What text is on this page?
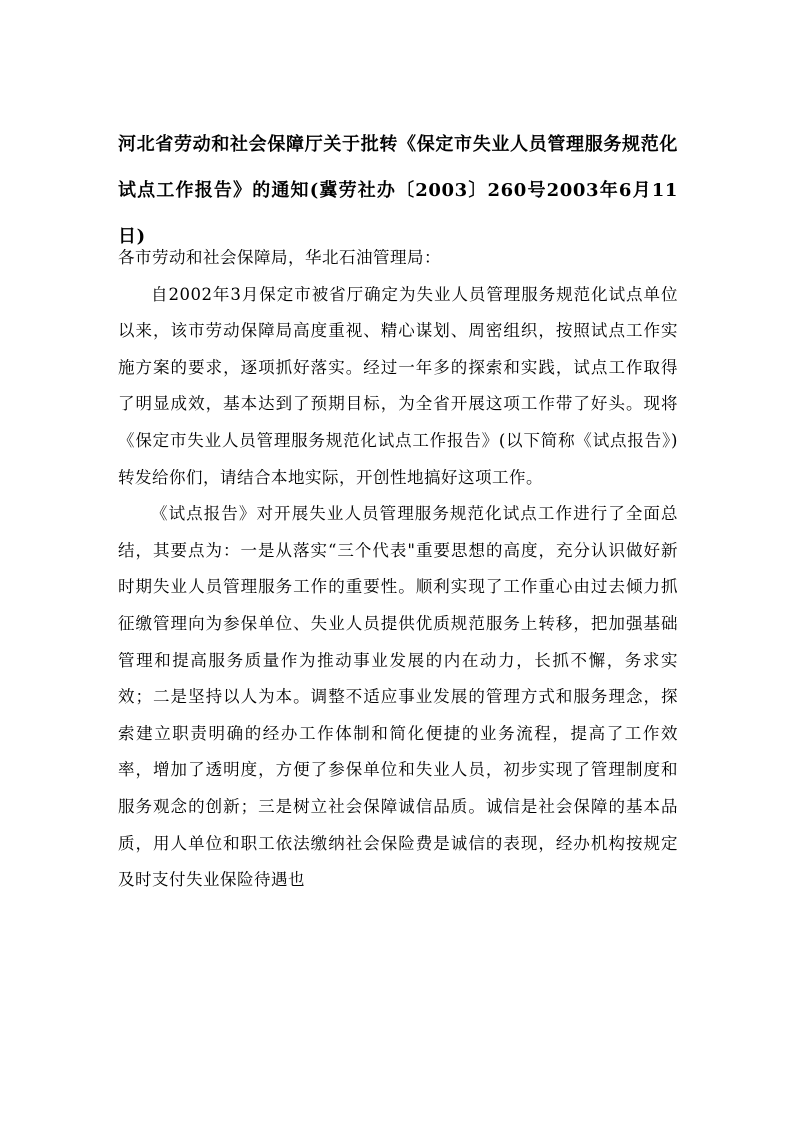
河北省劳动和社会保障厅关于批转《保定市失业人员管理服务规范化试点工作报告》的通知(冀劳社办〔2003〕260号2003年6月11日)

各市劳动和社会保障局，华北石油管理局：

自2002年3月保定市被省厅确定为失业人员管理服务规范化试点单位以来，该市劳动保障局高度重视、精心谋划、周密组织，按照试点工作实施方案的要求，逐项抓好落实。经过一年多的探索和实践，试点工作取得了明显成效，基本达到了预期目标，为全省开展这项工作带了好头。现将《保定市失业人员管理服务规范化试点工作报告》(以下简称《试点报告》)转发给你们，请结合本地实际，开创性地搞好这项工作。

《试点报告》对开展失业人员管理服务规范化试点工作进行了全面总结，其要点为：一是从落实“三个代表"重要思想的高度，充分认识做好新时期失业人员管理服务工作的重要性。顺利实现了工作重心由过去倾力抓征缴管理向为参保单位、失业人员提供优质规范服务上转移，把加强基础管理和提高服务质量作为推动事业发展的内在动力，长抓不懈，务求实效；二是坚持以人为本。调整不适应事业发展的管理方式和服务理念，探索建立职责明确的经办工作体制和简化便捷的业务流程，提高了工作效率，增加了透明度，方便了参保单位和失业人员，初步实现了管理制度和服务观念的创新；三是树立社会保障诚信品质。诚信是社会保障的基本品质，用人单位和职工依法缴纳社会保险费是诚信的表现，经办机构按规定及时支付失业保险待遇也
